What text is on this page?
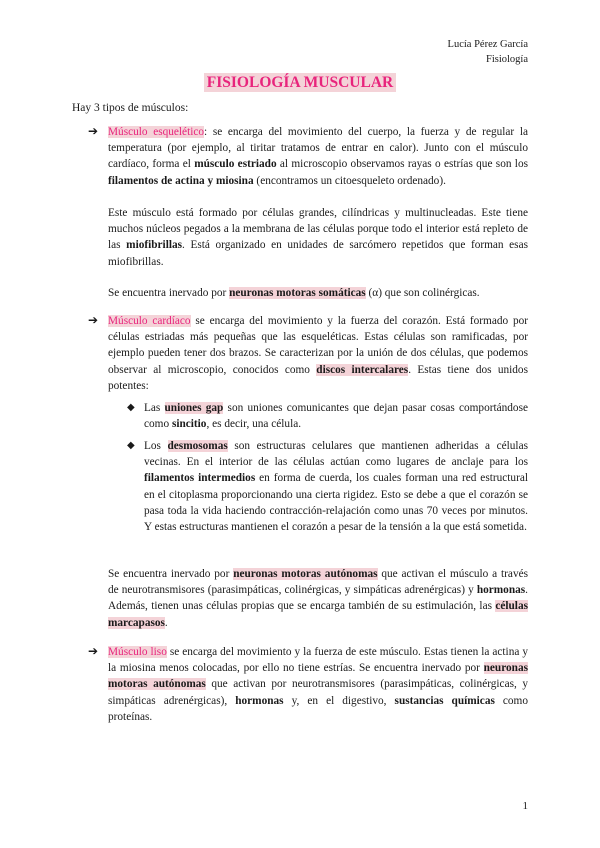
Lucía Pérez García
Fisiología
FISIOLOGÍA MUSCULAR
Hay 3 tipos de músculos:
➔ Músculo esquelético: se encarga del movimiento del cuerpo, la fuerza y de regular la temperatura (por ejemplo, al tiritar tratamos de entrar en calor). Junto con el músculo cardíaco, forma el músculo estriado al microscopio observamos rayas o estrías que son los filamentos de actina y miosina (encontramos un citoesqueleto ordenado).
Este músculo está formado por células grandes, cilíndricas y multinucleadas. Este tiene muchos núcleos pegados a la membrana de las células porque todo el interior está repleto de las miofibrillas. Está organizado en unidades de sarcómero repetidos que forman esas miofibrillas.
Se encuentra inervado por neuronas motoras somáticas (α) que son colinérgicas.
➔ Músculo cardíaco se encarga del movimiento y la fuerza del corazón. Está formado por células estriadas más pequeñas que las esqueléticas. Estas células son ramificadas, por ejemplo pueden tener dos brazos. Se caracterizan por la unión de dos células, que podemos observar al microscopio, conocidos como discos intercalares. Estas tiene dos unidos potentes:
◆ Las uniones gap son uniones comunicantes que dejan pasar cosas comportándose como sincitio, es decir, una célula.
◆ Los desmosomas son estructuras celulares que mantienen adheridas a células vecinas. En el interior de las células actúan como lugares de anclaje para los filamentos intermedios en forma de cuerda, los cuales forman una red estructural en el citoplasma proporcionando una cierta rigidez. Esto se debe a que el corazón se pasa toda la vida haciendo contracción-relajación como unas 70 veces por minutos. Y estas estructuras mantienen el corazón a pesar de la tensión a la que está sometida.
Se encuentra inervado por neuronas motoras autónomas que activan el músculo a través de neurotransmisores (parasimpáticas, colinérgicas, y simpáticas adrenérgicas) y hormonas. Además, tienen unas células propias que se encarga también de su estimulación, las células marcapasos.
➔ Músculo liso se encarga del movimiento y la fuerza de este músculo. Estas tienen la actina y la miosina menos colocadas, por ello no tiene estrías. Se encuentra inervado por neuronas motoras autónomas que activan por neurotransmisores (parasimpáticas, colinérgicas, y simpáticas adrenérgicas), hormonas y, en el digestivo, sustancias químicas como proteínas.
1
